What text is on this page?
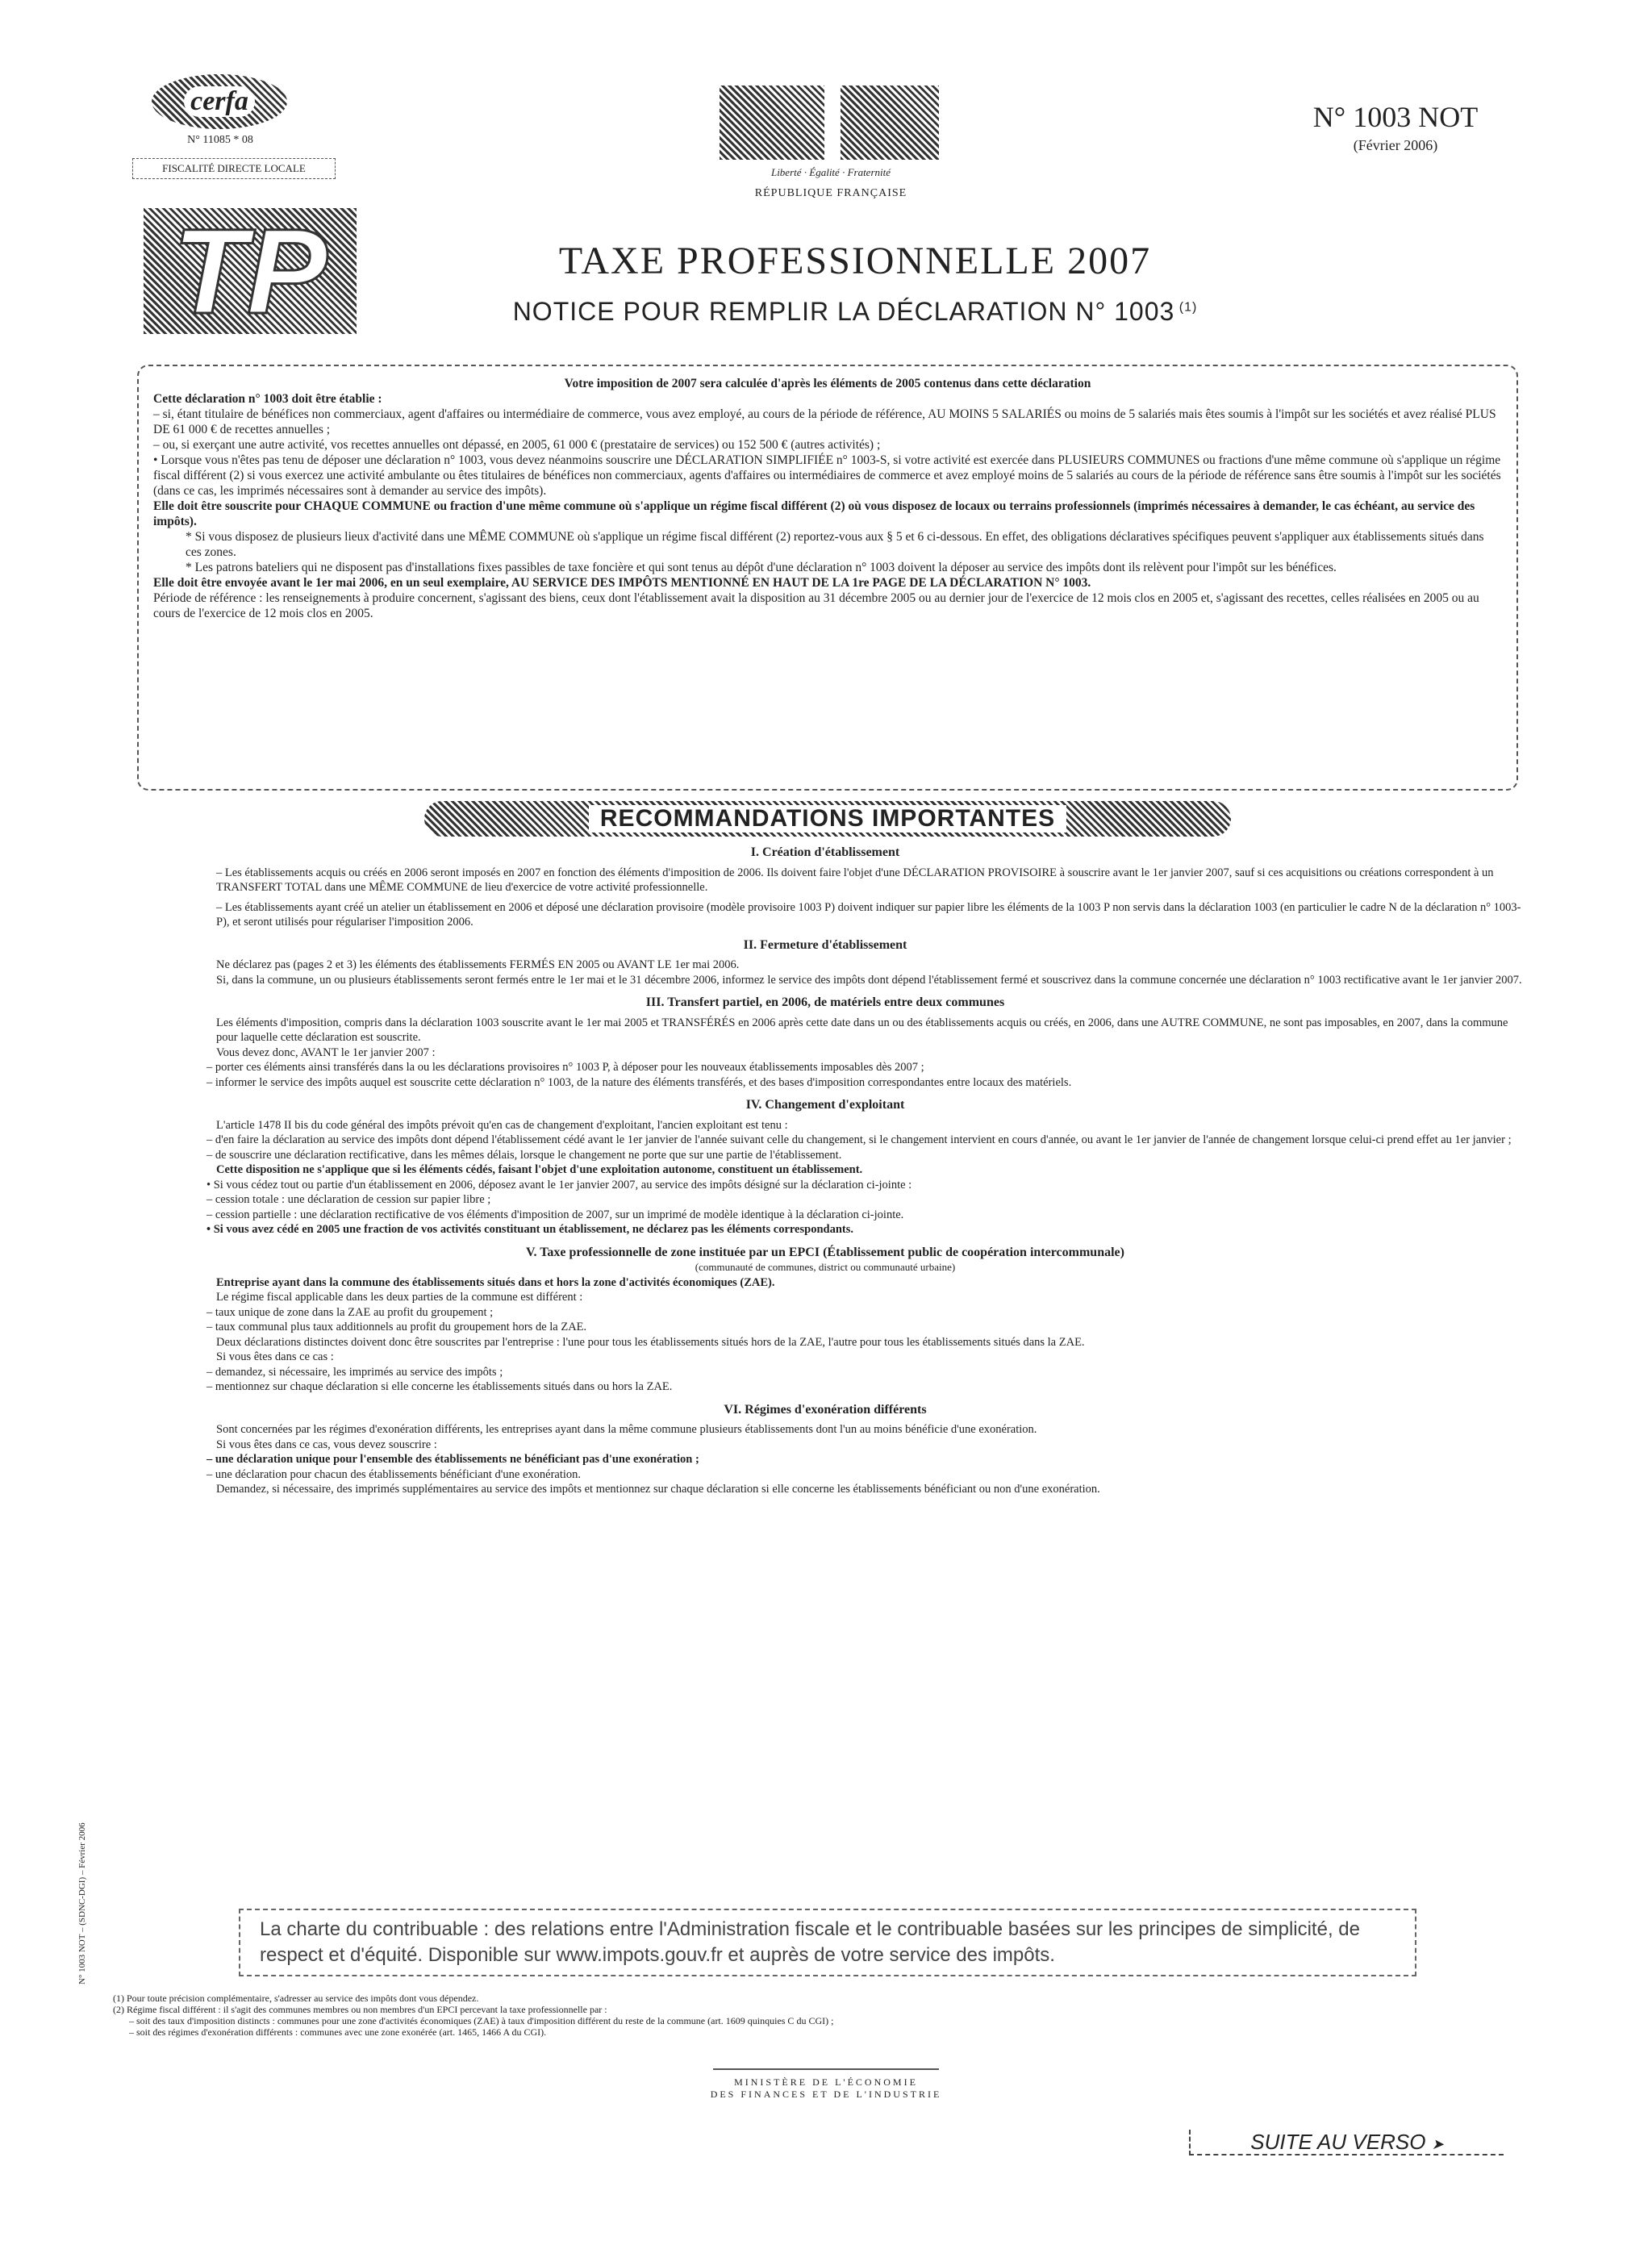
cerfa
N° 11085 * 08
FISCALITÉ DIRECTE LOCALE
TP
Liberté · Égalité · Fraternité
RÉPUBLIQUE FRANÇAISE
N° 1003 NOT
(Février 2006)
TAXE PROFESSIONNELLE 2007
NOTICE POUR REMPLIR LA DÉCLARATION N° 1003 $^{(1)}$

Votre imposition de 2007 sera calculée d'après les éléments de 2005 contenus dans cette déclaration

Cette déclaration n° 1003 doit être établie :

– si, étant titulaire de bénéfices non commerciaux, agent d'affaires ou intermédiaire de commerce, vous avez employé, au cours de la période de référence, AU MOINS 5 SALARIÉS ou moins de 5 salariés mais êtes soumis à l'impôt sur les sociétés et avez réalisé PLUS DE 61 000 € de recettes annuelles ;

– ou, si exerçant une autre activité, vos recettes annuelles ont dépassé, en 2005, 61 000 € (prestataire de services) ou 152 500 € (autres activités) ;

• Lorsque vous n'êtes pas tenu de déposer une déclaration n° 1003, vous devez néanmoins souscrire une DÉCLARATION SIMPLIFIÉE n° 1003-S, si votre activité est exercée dans PLUSIEURS COMMUNES ou fractions d'une même commune où s'applique un régime fiscal différent (2) si vous exercez une activité ambulante ou êtes titulaires de bénéfices non commerciaux, agents d'affaires ou intermédiaires de commerce et avez employé moins de 5 salariés au cours de la période de référence sans être soumis à l'impôt sur les sociétés (dans ce cas, les imprimés nécessaires sont à demander au service des impôts).

Elle doit être souscrite pour CHAQUE COMMUNE ou fraction d'une même commune où s'applique un régime fiscal différent (2) où vous disposez de locaux ou terrains professionnels (imprimés nécessaires à demander, le cas échéant, au service des impôts).

* Si vous disposez de plusieurs lieux d'activité dans une MÊME COMMUNE où s'applique un régime fiscal différent (2) reportez-vous aux § 5 et 6 ci-dessous. En effet, des obligations déclaratives spécifiques peuvent s'appliquer aux établissements situés dans ces zones.

* Les patrons bateliers qui ne disposent pas d'installations fixes passibles de taxe foncière et qui sont tenus au dépôt d'une déclaration n° 1003 doivent la déposer au service des impôts dont ils relèvent pour l'impôt sur les bénéfices.

Elle doit être envoyée avant le 1er mai 2006, en un seul exemplaire, AU SERVICE DES IMPÔTS MENTIONNÉ EN HAUT DE LA 1re PAGE DE LA DÉCLARATION N° 1003.

Période de référence : les renseignements à produire concernent, s'agissant des biens, ceux dont l'établissement avait la disposition au 31 décembre 2005 ou au dernier jour de l'exercice de 12 mois clos en 2005 et, s'agissant des recettes, celles réalisées en 2005 ou au cours de l'exercice de 12 mois clos en 2005.

RECOMMANDATIONS IMPORTANTES

I. Création d'établissement

– Les établissements acquis ou créés en 2006 seront imposés en 2007 en fonction des éléments d'imposition de 2006. Ils doivent faire l'objet d'une DÉCLARATION PROVISOIRE à souscrire avant le 1er janvier 2007, sauf si ces acquisitions ou créations correspondent à un TRANSFERT TOTAL dans une MÊME COMMUNE de lieu d'exercice de votre activité professionnelle.

– Les établissements ayant créé un atelier un établissement en 2006 et déposé une déclaration provisoire (modèle provisoire 1003 P) doivent indiquer sur papier libre les éléments de la 1003 P non servis dans la déclaration 1003 (en particulier le cadre N de la déclaration n° 1003-P), et seront utilisés pour régulariser l'imposition 2006.

II. Fermeture d'établissement

Ne déclarez pas (pages 2 et 3) les éléments des établissements FERMÉS EN 2005 ou AVANT LE 1er mai 2006.

Si, dans la commune, un ou plusieurs établissements seront fermés entre le 1er mai et le 31 décembre 2006, informez le service des impôts dont dépend l'établissement fermé et souscrivez dans la commune concernée une déclaration n° 1003 rectificative avant le 1er janvier 2007.

III. Transfert partiel, en 2006, de matériels entre deux communes

Les éléments d'imposition, compris dans la déclaration 1003 souscrite avant le 1er mai 2005 et TRANSFÉRÉS en 2006 après cette date dans un ou des établissements acquis ou créés, en 2006, dans une AUTRE COMMUNE, ne sont pas imposables, en 2007, dans la commune pour laquelle cette déclaration est souscrite.

Vous devez donc, AVANT le 1er janvier 2007 :

– porter ces éléments ainsi transférés dans la ou les déclarations provisoires n° 1003 P, à déposer pour les nouveaux établissements imposables dès 2007 ;

– informer le service des impôts auquel est souscrite cette déclaration n° 1003, de la nature des éléments transférés, et des bases d'imposition correspondantes entre locaux des matériels.

IV. Changement d'exploitant

L'article 1478 II bis du code général des impôts prévoit qu'en cas de changement d'exploitant, l'ancien exploitant est tenu :

– d'en faire la déclaration au service des impôts dont dépend l'établissement cédé avant le 1er janvier de l'année suivant celle du changement, si le changement intervient en cours d'année, ou avant le 1er janvier de l'année de changement lorsque celui-ci prend effet au 1er janvier ;

– de souscrire une déclaration rectificative, dans les mêmes délais, lorsque le changement ne porte que sur une partie de l'établissement.

Cette disposition ne s'applique que si les éléments cédés, faisant l'objet d'une exploitation autonome, constituent un établissement.

• Si vous cédez tout ou partie d'un établissement en 2006, déposez avant le 1er janvier 2007, au service des impôts désigné sur la déclaration ci-jointe :

– cession totale : une déclaration de cession sur papier libre ;

– cession partielle : une déclaration rectificative de vos éléments d'imposition de 2007, sur un imprimé de modèle identique à la déclaration ci-jointe.

• Si vous avez cédé en 2005 une fraction de vos activités constituant un établissement, ne déclarez pas les éléments correspondants.

V. Taxe professionnelle de zone instituée par un EPCI (Établissement public de coopération intercommunale)

(communauté de communes, district ou communauté urbaine)

Entreprise ayant dans la commune des établissements situés dans et hors la zone d'activités économiques (ZAE).

Le régime fiscal applicable dans les deux parties de la commune est différent :

– taux unique de zone dans la ZAE au profit du groupement ;

– taux communal plus taux additionnels au profit du groupement hors de la ZAE.

Deux déclarations distinctes doivent donc être souscrites par l'entreprise : l'une pour tous les établissements situés hors de la ZAE, l'autre pour tous les établissements situés dans la ZAE.

Si vous êtes dans ce cas :

– demandez, si nécessaire, les imprimés au service des impôts ;

– mentionnez sur chaque déclaration si elle concerne les établissements situés dans ou hors la ZAE.

VI. Régimes d'exonération différents

Sont concernées par les régimes d'exonération différents, les entreprises ayant dans la même commune plusieurs établissements dont l'un au moins bénéficie d'une exonération.

Si vous êtes dans ce cas, vous devez souscrire :

– une déclaration unique pour l'ensemble des établissements ne bénéficiant pas d'une exonération ;

– une déclaration pour chacun des établissements bénéficiant d'une exonération.

Demandez, si nécessaire, des imprimés supplémentaires au service des impôts et mentionnez sur chaque déclaration si elle concerne les établissements bénéficiant ou non d'une exonération.

La charte du contribuable : des relations entre l'Administration fiscale et le contribuable basées sur les principes de simplicité, de respect et d'équité. Disponible sur www.impots.gouv.fr et auprès de votre service des impôts.

(1) Pour toute précision complémentaire, s'adresser au service des impôts dont vous dépendez.

(2) Régime fiscal différent : il s'agit des communes membres ou non membres d'un EPCI percevant la taxe professionnelle par :

– soit des taux d'imposition distincts : communes pour une zone d'activités économiques (ZAE) à taux d'imposition différent du reste de la commune (art. 1609 quinquies C du CGI) ;

– soit des régimes d'exonération différents : communes avec une zone exonérée (art. 1465, 1466 A du CGI).

N° 1003 NOT – (SDNC-DGI) – Février 2006
MINISTÈRE DE L'ÉCONOMIE
DES FINANCES ET DE L'INDUSTRIE
SUITE AU VERSO ➤
